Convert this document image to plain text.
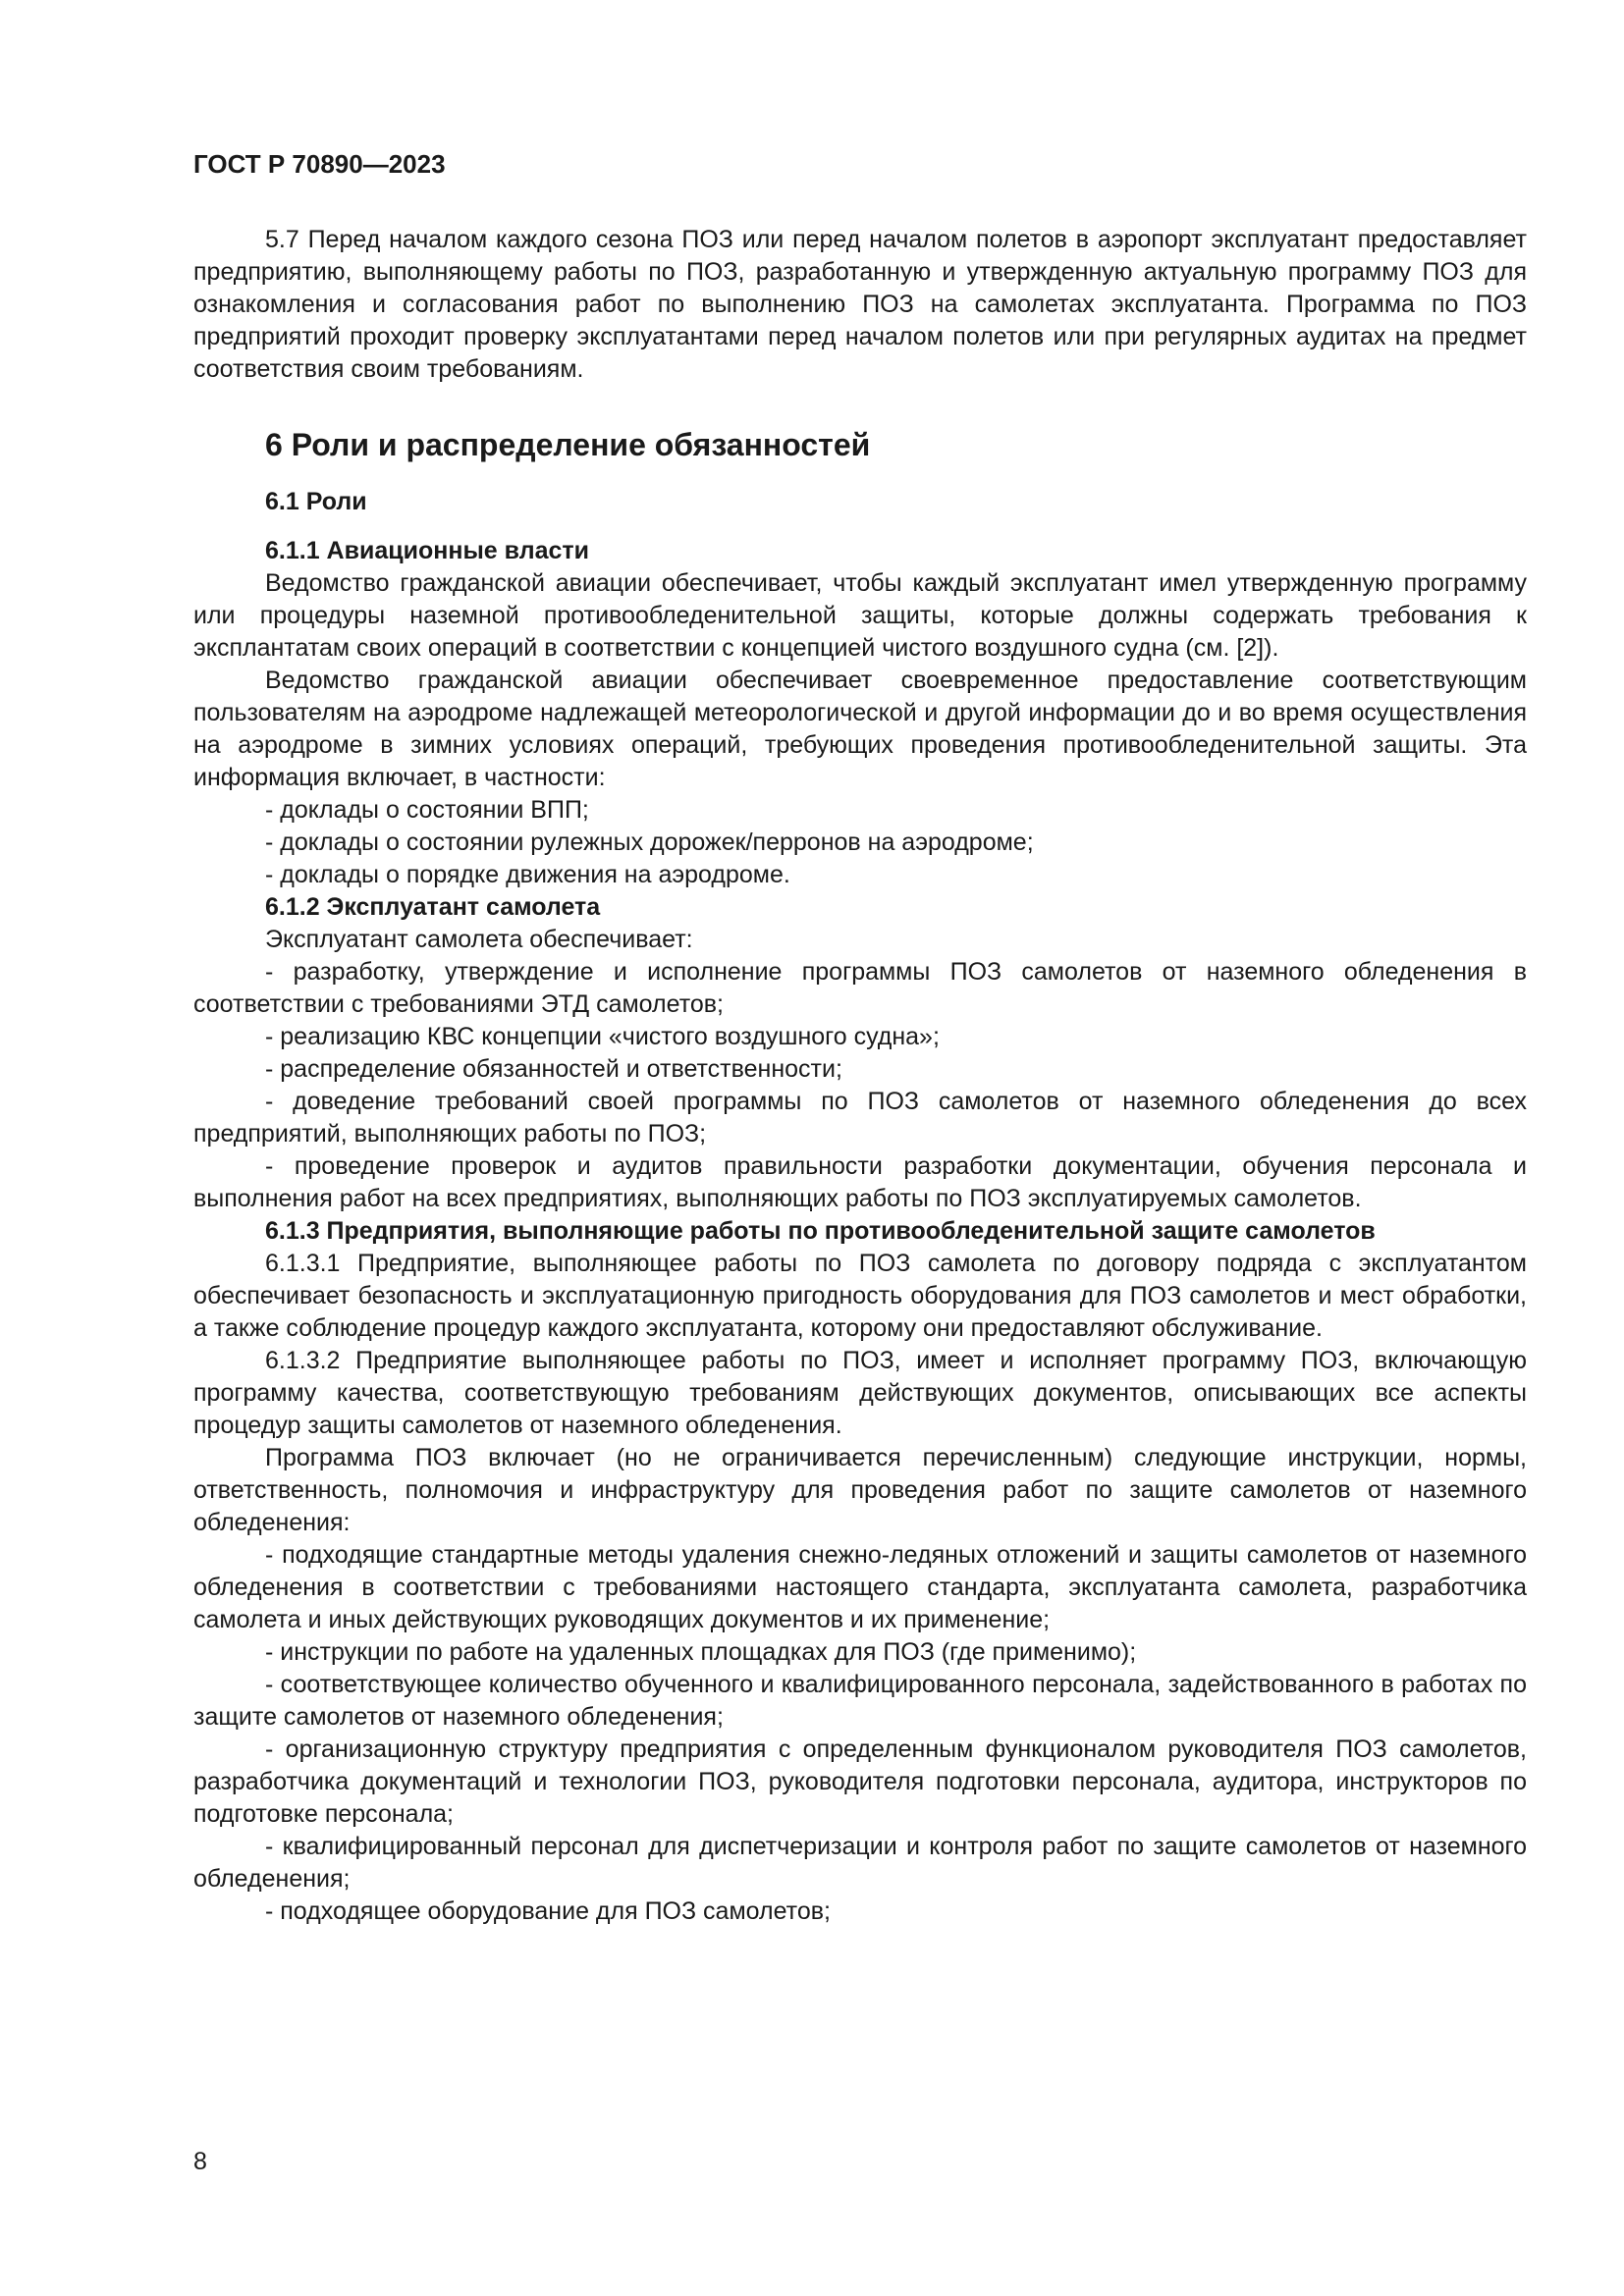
ГОСТ Р 70890—2023

5.7 Перед началом каждого сезона ПОЗ или перед началом полетов в аэропорт эксплуатант предоставляет предприятию, выполняющему работы по ПОЗ, разработанную и утвержденную актуальную программу ПОЗ для ознакомления и согласования работ по выполнению ПОЗ на самолетах эксплуатанта. Программа по ПОЗ предприятий проходит проверку эксплуатантами перед началом полетов или при регулярных аудитах на предмет соответствия своим требованиям.

6 Роли и распределение обязанностей
6.1 Роли
6.1.1 Авиационные власти

Ведомство гражданской авиации обеспечивает, чтобы каждый эксплуатант имел утвержденную программу или процедуры наземной противообледенительной защиты, которые должны содержать требования к эксплантатам своих операций в соответствии с концепцией чистого воздушного судна (см. [2]).

Ведомство гражданской авиации обеспечивает своевременное предоставление соответствующим пользователям на аэродроме надлежащей метеорологической и другой информации до и во время осуществления на аэродроме в зимних условиях операций, требующих проведения противообледенительной защиты. Эта информация включает, в частности:

- доклады о состоянии ВПП;

- доклады о состоянии рулежных дорожек/перронов на аэродроме;

- доклады о порядке движения на аэродроме.

6.1.2 Эксплуатант самолета

Эксплуатант самолета обеспечивает:

- разработку, утверждение и исполнение программы ПОЗ самолетов от наземного обледенения в соответствии с требованиями ЭТД самолетов;

- реализацию КВС концепции «чистого воздушного судна»;

- распределение обязанностей и ответственности;

- доведение требований своей программы по ПОЗ самолетов от наземного обледенения до всех предприятий, выполняющих работы по ПОЗ;

- проведение проверок и аудитов правильности разработки документации, обучения персонала и выполнения работ на всех предприятиях, выполняющих работы по ПОЗ эксплуатируемых самолетов.

6.1.3 Предприятия, выполняющие работы по противообледенительной защите самолетов

6.1.3.1 Предприятие, выполняющее работы по ПОЗ самолета по договору подряда с эксплуатантом обеспечивает безопасность и эксплуатационную пригодность оборудования для ПОЗ самолетов и мест обработки, а также соблюдение процедур каждого эксплуатанта, которому они предоставляют обслуживание.

6.1.3.2 Предприятие выполняющее работы по ПОЗ, имеет и исполняет программу ПОЗ, включающую программу качества, соответствующую требованиям действующих документов, описывающих все аспекты процедур защиты самолетов от наземного обледенения.

Программа ПОЗ включает (но не ограничивается перечисленным) следующие инструкции, нормы, ответственность, полномочия и инфраструктуру для проведения работ по защите самолетов от наземного обледенения:

- подходящие стандартные методы удаления снежно-ледяных отложений и защиты самолетов от наземного обледенения в соответствии с требованиями настоящего стандарта, эксплуатанта самолета, разработчика самолета и иных действующих руководящих документов и их применение;

- инструкции по работе на удаленных площадках для ПОЗ (где применимо);

- соответствующее количество обученного и квалифицированного персонала, задействованного в работах по защите самолетов от наземного обледенения;

- организационную структуру предприятия с определенным функционалом руководителя ПОЗ самолетов, разработчика документаций и технологии ПОЗ, руководителя подготовки персонала, аудитора, инструкторов по подготовке персонала;

- квалифицированный персонал для диспетчеризации и контроля работ по защите самолетов от наземного обледенения;

- подходящее оборудование для ПОЗ самолетов;

8
